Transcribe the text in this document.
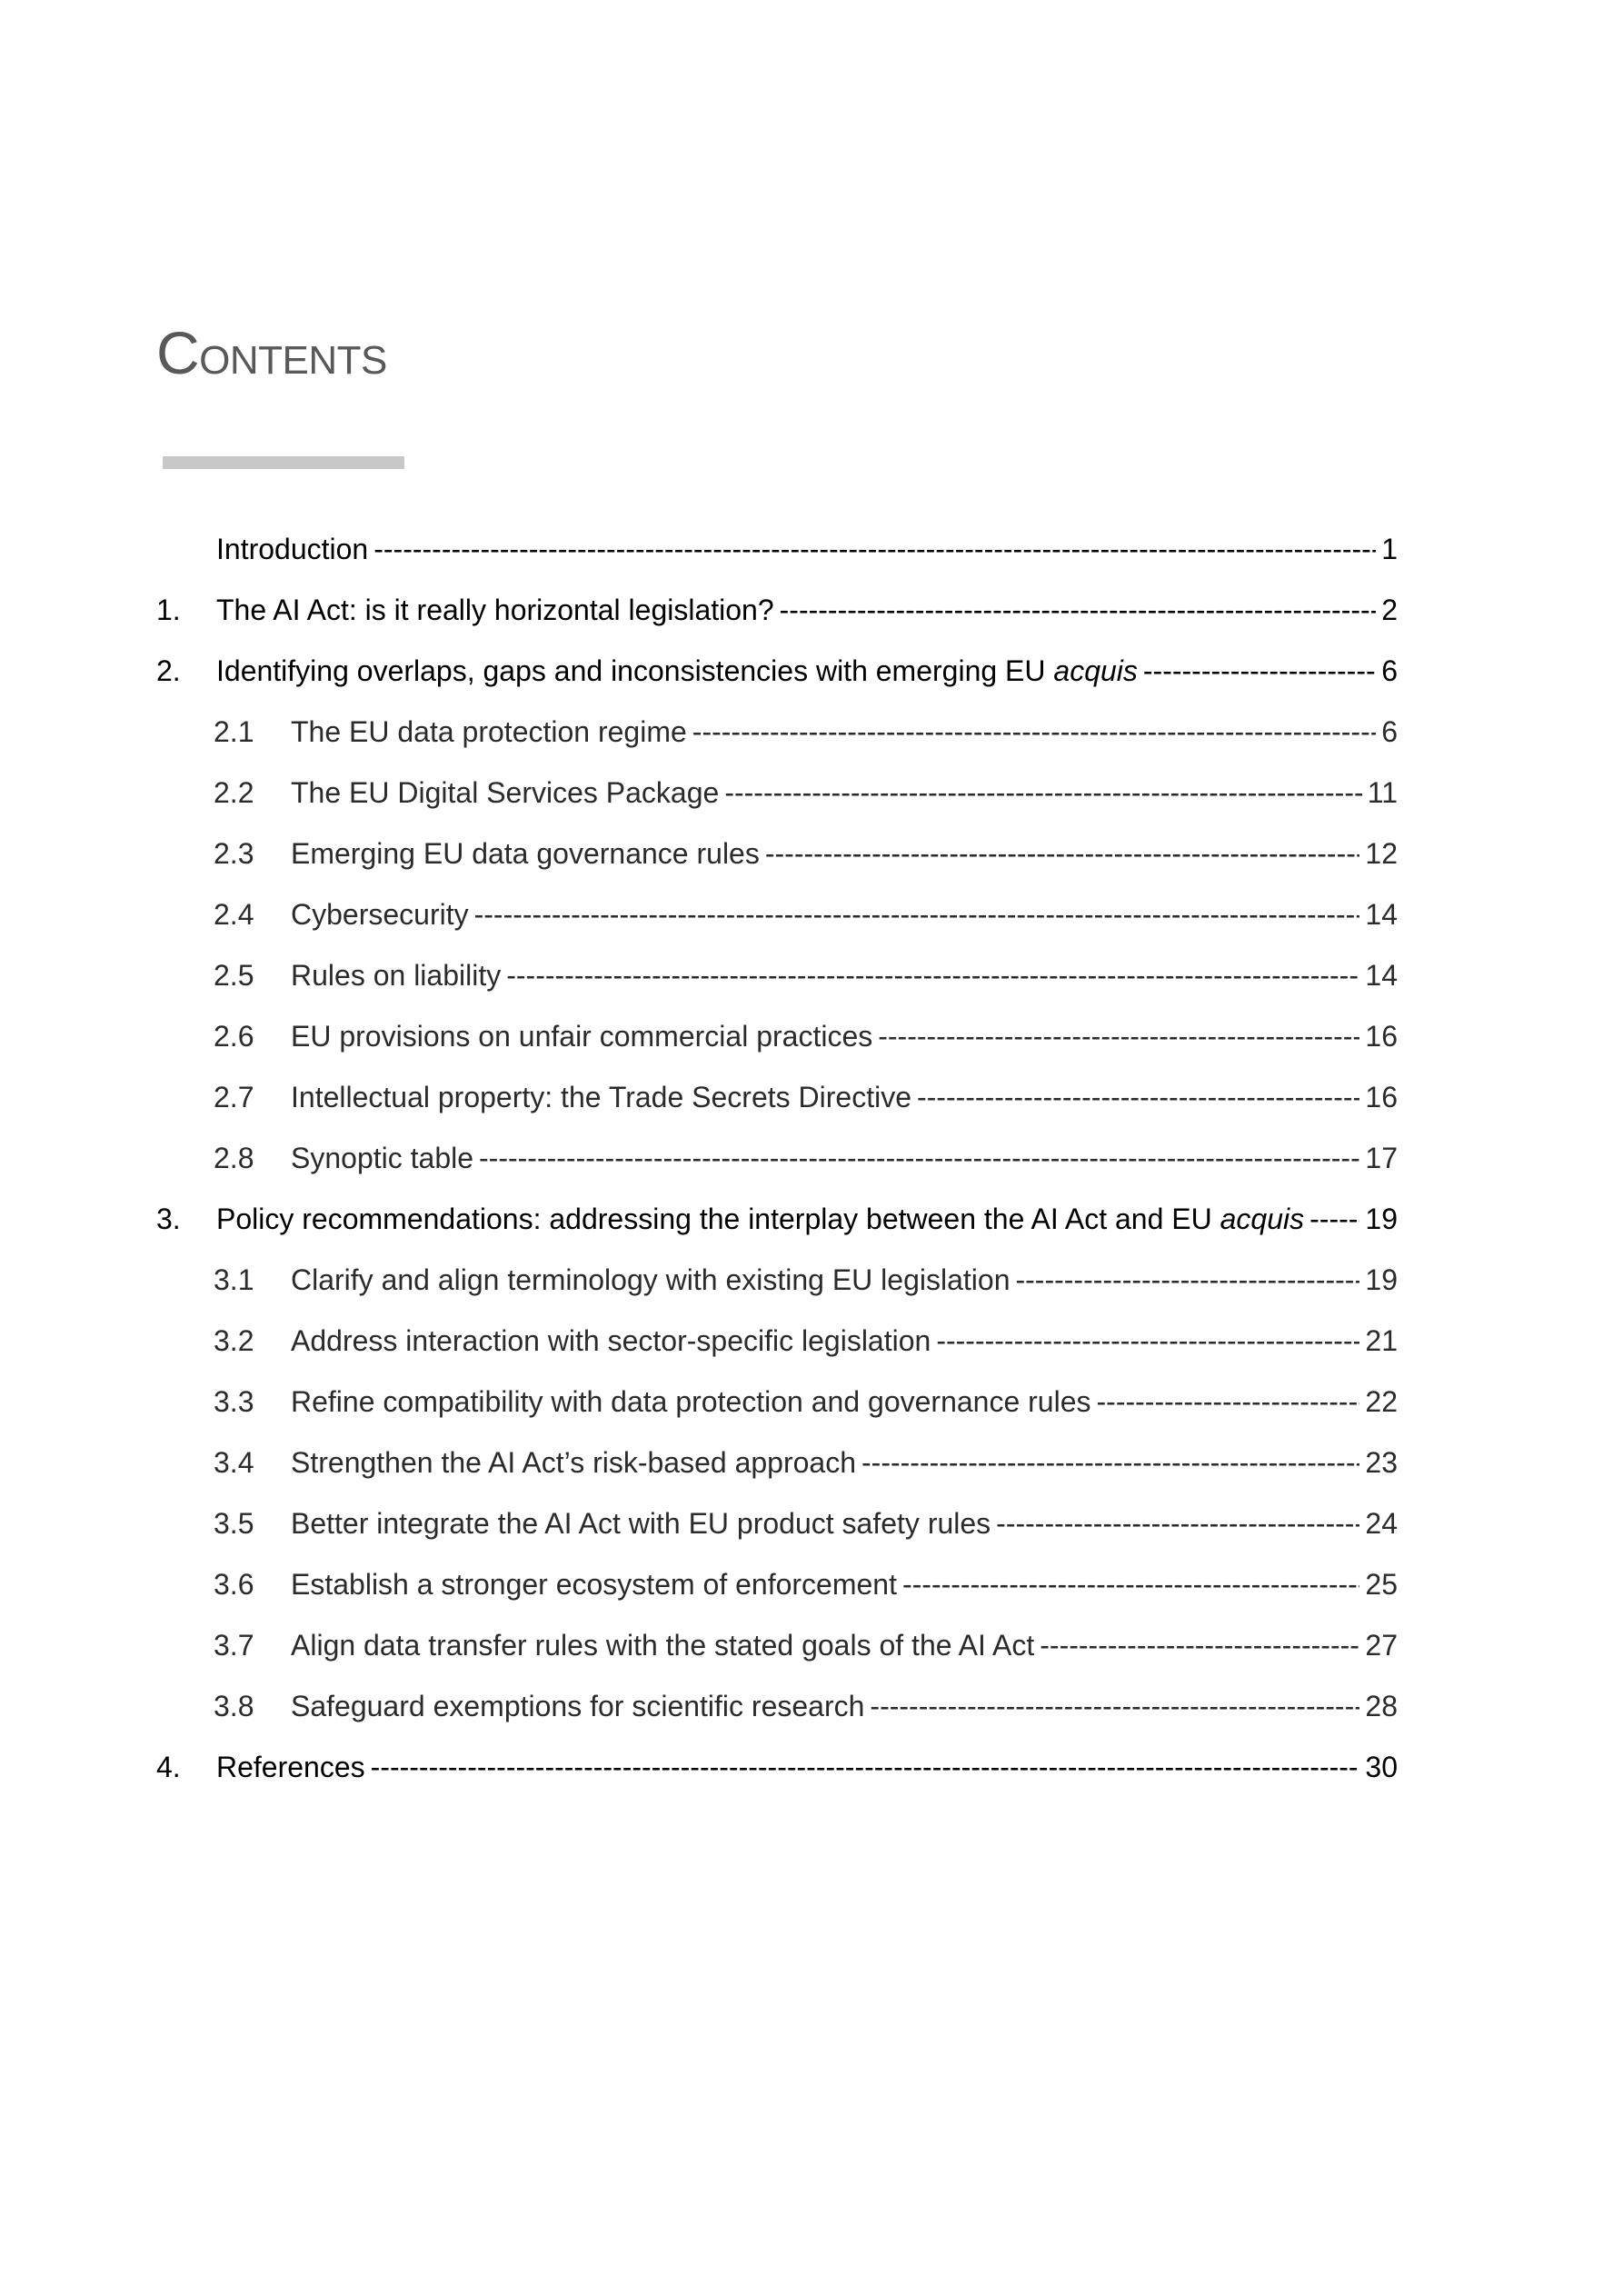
CONTENTS
Introduction -----	1
1.	The AI Act: is it really horizontal legislation? -----	2
2.	Identifying overlaps, gaps and inconsistencies with emerging EU acquis -----	6
2.1	The EU data protection regime -----	6
2.2	The EU Digital Services Package -----	11
2.3	Emerging EU data governance rules -----	12
2.4	Cybersecurity -----	14
2.5	Rules on liability -----	14
2.6	EU provisions on unfair commercial practices -----	16
2.7	Intellectual property: the Trade Secrets Directive -----	16
2.8	Synoptic table -----	17
3.	Policy recommendations: addressing the interplay between the AI Act and EU acquis ----- 19
3.1	Clarify and align terminology with existing EU legislation -----	19
3.2	Address interaction with sector-specific legislation -----	21
3.3	Refine compatibility with data protection and governance rules -----	22
3.4	Strengthen the AI Act’s risk-based approach -----	23
3.5	Better integrate the AI Act with EU product safety rules -----	24
3.6	Establish a stronger ecosystem of enforcement -----	25
3.7	Align data transfer rules with the stated goals of the AI Act -----	27
3.8	Safeguard exemptions for scientific research -----	28
4.	References -----	30
